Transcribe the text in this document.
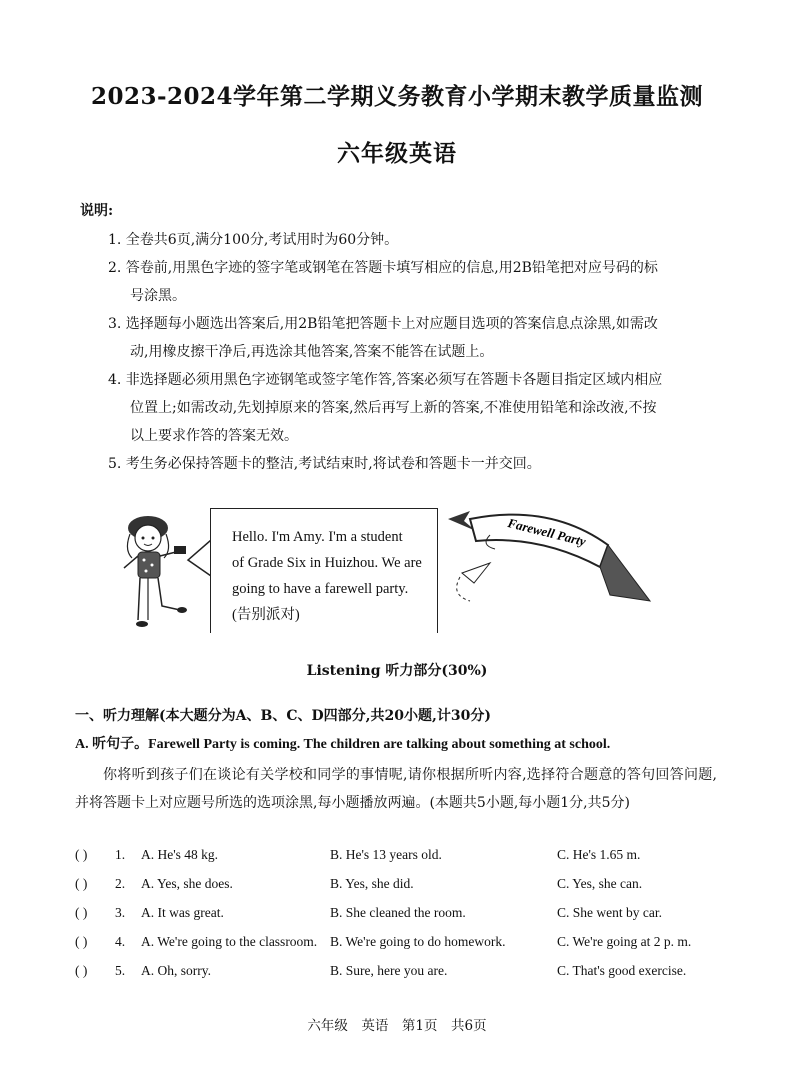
2023-2024学年第二学期义务教育小学期末教学质量监测
六年级英语
说明:
1. 全卷共6页,满分100分,考试用时为60分钟。
2. 答卷前,用黑色字迹的签字笔或钢笔在答题卡填写相应的信息,用2B铅笔把对应号码的标
号涂黑。
3. 选择题每小题选出答案后,用2B铅笔把答题卡上对应题目选项的答案信息点涂黑,如需改
动,用橡皮擦干净后,再选涂其他答案,答案不能答在试题上。
4. 非选择题必须用黑色字迹钢笔或签字笔作答,答案必须写在答题卡各题目指定区域内相应
位置上;如需改动,先划掉原来的答案,然后再写上新的答案,不准使用铅笔和涂改液,不按
以上要求作答的答案无效。
5. 考生务必保持答题卡的整洁,考试结束时,将试卷和答题卡一并交回。
Hello. I'm Amy. I'm a student
of Grade Six in Huizhou. We are
going to have a farewell party.
(告别派对)
Farewell Party
Listening 听力部分(30%)
一、听力理解(本大题分为A、B、C、D四部分,共20小题,计30分)
A. 听句子。Farewell Party is coming. The children are talking about something at school.
你将听到孩子们在谈论有关学校和同学的事情呢,请你根据所听内容,选择符合题意的答句回答问题,并将答题卡上对应题号所选的选项涂黑,每小题播放两遍。(本题共5小题,每小题1分,共5分)
( ) 1. A. He's 48 kg.	B. He's 13 years old.	C. He's 1.65 m.
( ) 2. A. Yes, she does.	B. Yes, she did.	C. Yes, she can.
( ) 3. A. It was great.	B. She cleaned the room.	C. She went by car.
( ) 4. A. We're going to the classroom. B. We're going to do homework.	C. We're going at 2 p. m.
( ) 5. A. Oh, sorry.	B. Sure, here you are.	C. That's good exercise.
六年级　英语　第1页　共6页
